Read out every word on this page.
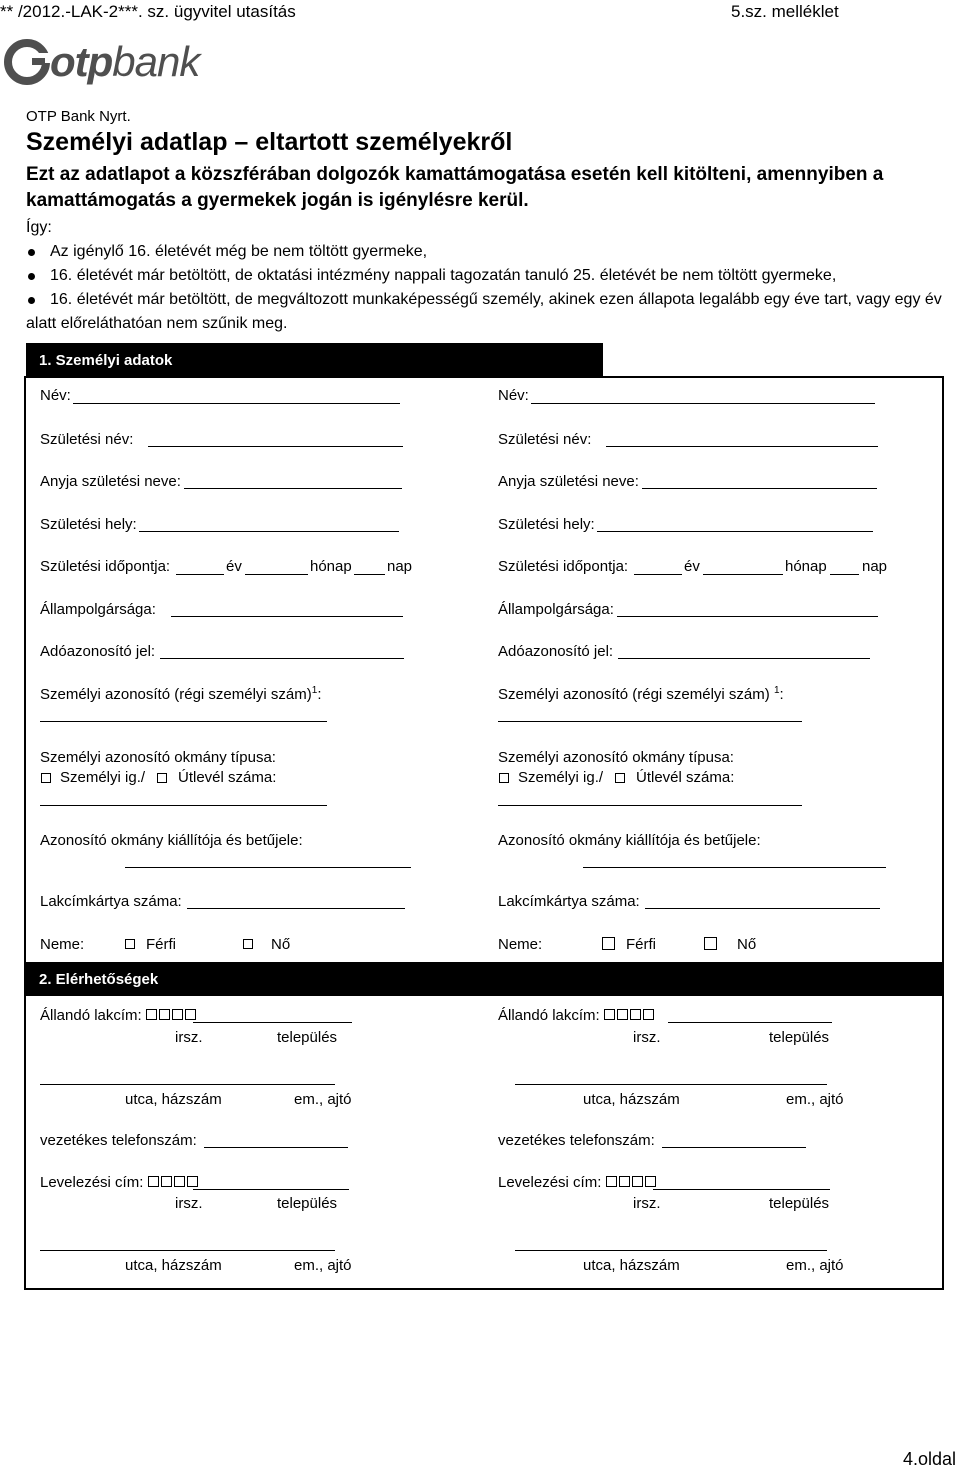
** /2012.-LAK-2***. sz. ügyvitel utasítás	5.sz. melléklet
otpbank
OTP Bank Nyrt.
Személyi adatlap – eltartott személyekről
Ezt az adatlapot a közszférában dolgozók kamattámogatása esetén kell kitölteni, amennyiben a kamattámogatás a gyermekek jogán is igénylésre kerül.
Így:
Az igénylő 16. életévét még be nem töltött gyermeke,
16. életévét már betöltött, de oktatási intézmény nappali tagozatán tanuló 25. életévét be nem töltött gyermeke,
16. életévét már betöltött, de megváltozott munkaképességű személy, akinek ezen állapota legalább egy éve tart, vagy egy év alatt előreláthatóan nem szűnik meg.
1. Személyi adatok
Név:
Születési név:
Anyja születési neve:
Születési hely:
Születési időpontja:	év	hónap nap
Állampolgársága:
Adóazonosító jel:
Személyi azonosító (régi személyi szám)$^1$:
Személyi azonosító okmány típusa:
Személyi ig./ Útlevél száma:
Azonosító okmány kiállítója és betűjele:
Lakcímkártya száma:
Neme:	Férfi	Nő
Név:
Születési név:
Anyja születési neve:
Születési hely:
Születési időpontja:	év	hónap nap
Állampolgársága:
Adóazonosító jel:
Személyi azonosító (régi személyi szám) $^1$:
Személyi azonosító okmány típusa:
Személyi ig./ Útlevél száma:
Azonosító okmány kiállítója és betűjele:
Lakcímkártya száma:
Neme:	Férfi	Nő
2. Elérhetőségek
Állandó lakcím:
irsz.	település
utca, házszám	em., ajtó
vezetékes telefonszám:
Levelezési cím:
irsz.	település
utca, házszám	em., ajtó
Állandó lakcím:
irsz.	település
utca, házszám	em., ajtó
vezetékes telefonszám:
Levelezési cím:
irsz.	település
utca, házszám	em., ajtó
4.oldal
